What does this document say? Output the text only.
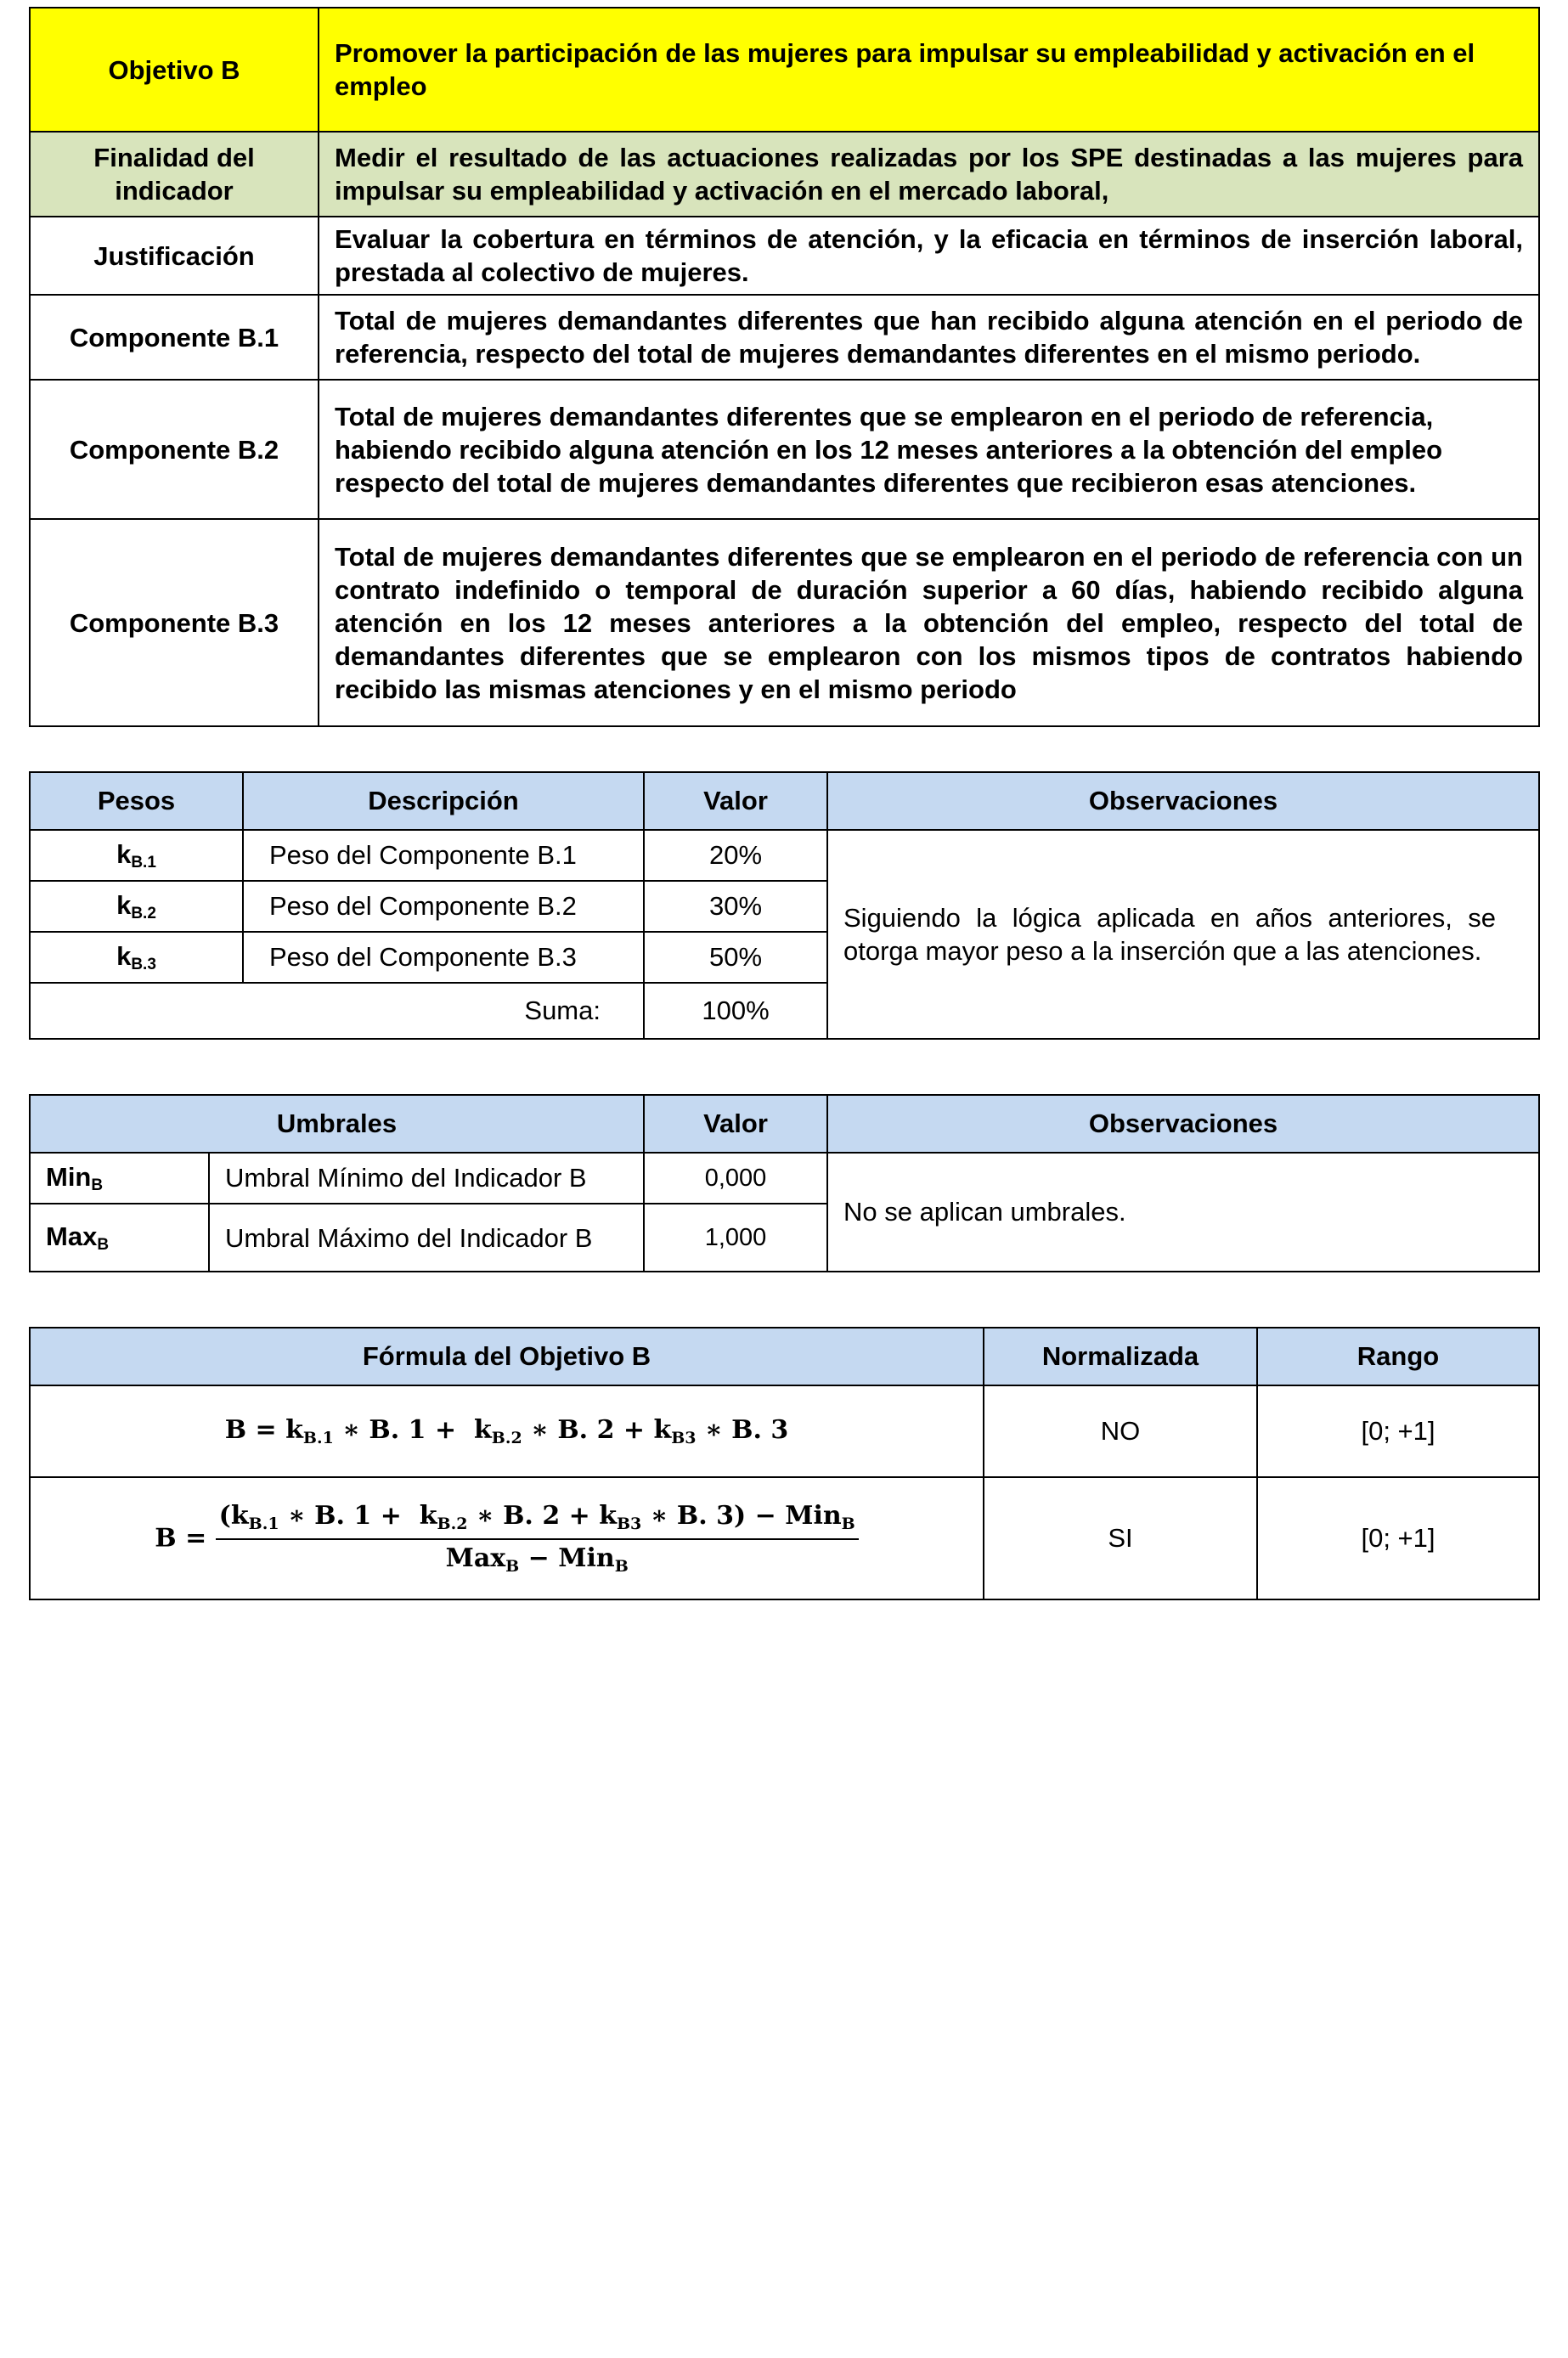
Objetivo B	Promover la participación de las mujeres para impulsar su empleabilidad y activación en el empleo
Finalidad del indicador	Medir el resultado de las actuaciones realizadas por los SPE destinadas a las mujeres para impulsar su empleabilidad y activación en el mercado laboral,
Justificación	Evaluar la cobertura en términos de atención, y la eficacia en términos de inserción laboral, prestada al colectivo de mujeres.
Componente B.1	Total de mujeres demandantes diferentes que han recibido alguna atención en el periodo de referencia, respecto del total de mujeres demandantes diferentes en el mismo periodo.
Componente B.2	Total de mujeres demandantes diferentes que se emplearon en el periodo de referencia, habiendo recibido alguna atención en los 12 meses anteriores a la obtención del empleo respecto del total de mujeres demandantes diferentes que recibieron esas atenciones.
Componente B.3	Total de mujeres demandantes diferentes que se emplearon en el periodo de referencia con un contrato indefinido o temporal de duración superior a 60 días, habiendo recibido alguna atención en los 12 meses anteriores a la obtención del empleo, respecto del total de demandantes diferentes que se emplearon con los mismos tipos de contratos habiendo recibido las mismas atenciones y en el mismo periodo
Pesos	Descripción	Valor	Observaciones
$k_{B.1}$	Peso del Componente B.1	20%	Siguiendo la lógica aplicada en años anteriores, se otorga mayor peso a la inserción que a las atenciones.
$k_{B.2}$	Peso del Componente B.2	30%	
$k_{B.3}$	Peso del Componente B.3	50%	
Suma:		100%	
Umbrales		Valor	Observaciones
Min$_B$	Umbral Mínimo del Indicador B	0,000	No se aplican umbrales.
Max$_B$	Umbral Máximo del Indicador B	1,000	
Fórmula del Objetivo B	Normalizada	Rango
$B = k_{B.1}$ ∗ B. $1 + k_{B.2}$ ∗ B. $2 + k_{B3}$ ∗ B. 3	NO	[0; +1]
$B = \frac{(k_{B.1} ∗ B. 1 + k_{B.2} ∗ B. 2 + k_{B3} ∗ B. 3) - Min_B}{Max_B - Min_B}$	SI	[0; +1]
